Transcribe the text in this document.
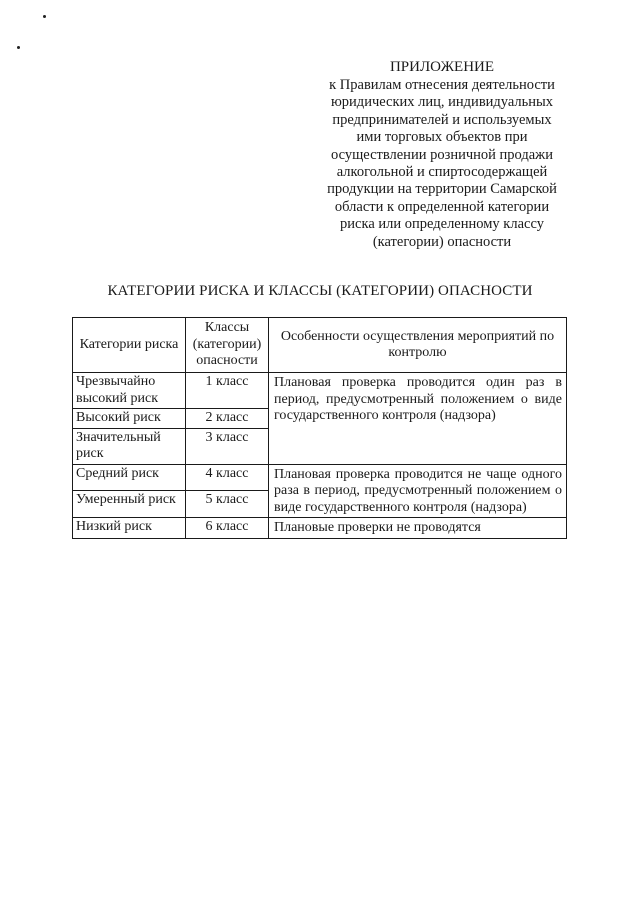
ПРИЛОЖЕНИЕ
к Правилам отнесения деятельности
юридических лиц, индивидуальных
предпринимателей и используемых
ими торговых объектов при
осуществлении розничной продажи
алкогольной и спиртосодержащей
продукции на территории Самарской
области к определенной категории
риска или определенному классу
(категории) опасности
КАТЕГОРИИ РИСКА И КЛАССЫ (КАТЕГОРИИ) ОПАСНОСТИ
Категории риска	Классы (категории) опасности	Особенности осуществления мероприятий по контролю
Чрезвычайно высокий риск	1 класс	Плановая проверка проводится один раз в период, предусмотренный положением о виде государственного контроля (надзора)
Высокий риск	2 класс	
Значительный риск	3 класс	
Средний риск	4 класс	Плановая проверка проводится не чаще одного раза в период, предусмотренный положением о виде государственного контроля (надзора)
Умеренный риск	5 класс	
Низкий риск	6 класс	Плановые проверки не проводятся
